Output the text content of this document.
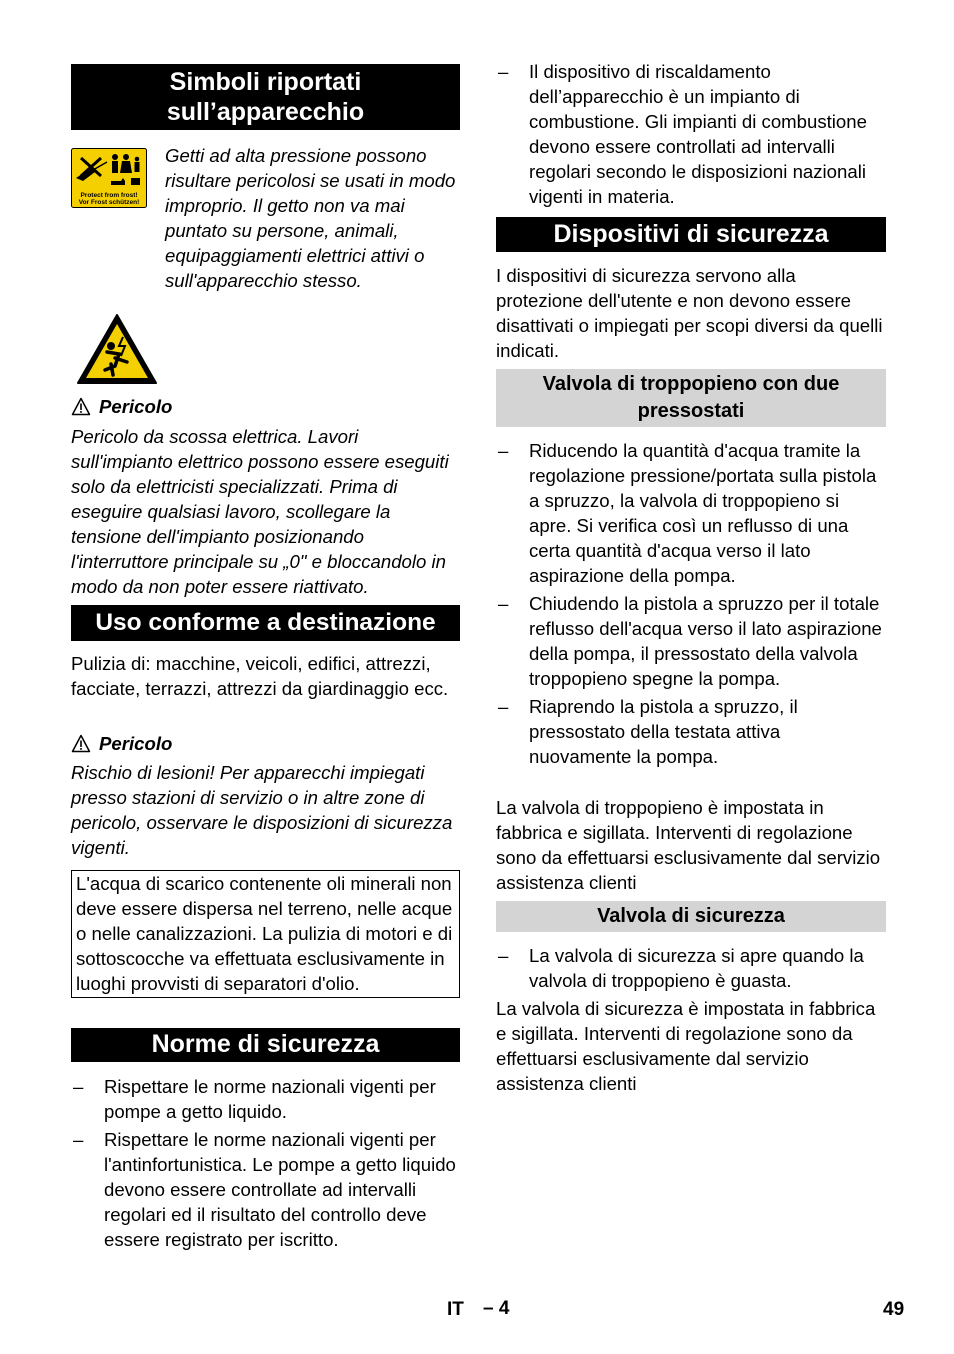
Simboli riportati sull’apparecchio
Protect from frost!
Vor Frost schützen!
Getti ad alta pressione possono risultare pericolosi se usati in modo improprio. Il getto non va mai puntato su persone, animali, equipaggiamenti elettrici attivi o sull'apparecchio stesso.
Pericolo
Pericolo da scossa elettrica. Lavori sull'impianto elettrico possono essere eseguiti solo da elettricisti specializzati. Prima di eseguire qualsiasi lavoro, scollegare la tensione dell'impianto posizionando l'interruttore principale su „0" e bloccandolo in modo da non poter essere riattivato.
Uso conforme a destinazione
Pulizia di: macchine, veicoli, edifici, attrezzi, facciate, terrazzi, attrezzi da giardinaggio ecc.
Pericolo
Rischio di lesioni! Per apparecchi impiegati presso stazioni di servizio o in altre zone di pericolo, osservare le disposizioni di sicurezza vigenti.
L'acqua di scarico contenente oli minerali non deve essere dispersa nel terreno, nelle acque o nelle canalizzazioni. La pulizia di motori e di sottoscocche va effettuata esclusivamente in luoghi provvisti di separatori d'olio.
Norme di sicurezza
– Rispettare le norme nazionali vigenti per pompe a getto liquido.
– Rispettare le norme nazionali vigenti per l'antinfortunistica. Le pompe a getto liquido devono essere controllate ad intervalli regolari ed il risultato del controllo deve essere registrato per iscritto.
– Il dispositivo di riscaldamento dell’apparecchio è un impianto di combustione. Gli impianti di combustione devono essere controllati ad intervalli regolari secondo le disposizioni nazionali vigenti in materia.
Dispositivi di sicurezza
I dispositivi di sicurezza servono alla protezione dell'utente e non devono essere disattivati o impiegati per scopi diversi da quelli indicati.
Valvola di troppopieno con due pressostati
– Riducendo la quantità d'acqua tramite la regolazione pressione/portata sulla pistola a spruzzo, la valvola di troppopieno si apre. Si verifica così un reflusso di una certa quantità d'acqua verso il lato aspirazione della pompa.
– Chiudendo la pistola a spruzzo per il totale reflusso dell'acqua verso il lato aspirazione della pompa, il pressostato della valvola troppopieno spegne la pompa.
– Riaprendo la pistola a spruzzo, il pressostato della testata attiva nuovamente la pompa.
La valvola di troppopieno è impostata in fabbrica e sigillata. Interventi di regolazione sono da effettuarsi esclusivamente dal servizio assistenza clienti
Valvola di sicurezza
– La valvola di sicurezza si apre quando la valvola di troppopieno è guasta.
La valvola di sicurezza è impostata in fabbrica e sigillata. Interventi di regolazione sono da effettuarsi esclusivamente dal servizio assistenza clienti
IT – 4	49
